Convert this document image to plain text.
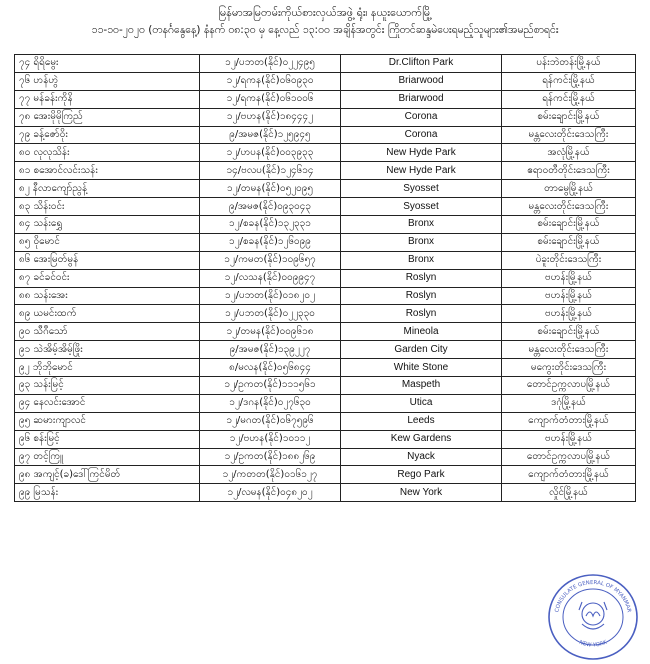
မြန်မာအမြတမ်းကိုယ်စားလှယ်အဖွဲ့ ရုံး၊ နယူးယောက်မြို့
၁၁-၁၀-၂၀၂၀ (တနင်္ဂနွေနေ့) နံနက် ၀၈:၃၀ မှ နေ့လည် ၁၃:၀၀ အချိန်အတွင်း ကြိုတင်ဆန္ဒမဲပေးရမည့်သူများ၏အမည်စာရင်း
၇၄ ရိရိမွေး	၁၂/ပဘတ(နိုင်)၀၂၂၄၉၅	Dr.Clifton Park	ပန်းဘဲတန်းမြို့နယ်
၇၆ ဟန်ဟွဲ	၁၂/ရကန(နိုင်)၀၆၀၉၃၀	Briarwood	ရန်ကင်းမြို့နယ်
၇၇ မန်ခန်းကိုနိ	၁၂/ရကန(နိုင်)၀၆၁၀၀၆	Briarwood	ရန်ကင်းမြို့နယ်
၇၈ အေးမိုမိုကြည်	၁၂/ဗဟန(နိုင်)၁၈၄၄၄၂	Corona	စမ်းချောင်းမြို့နယ်
၇၉ ခန့်ဇော်ဝိုး	၉/အမဇ(နိုင်)၁၂၅၉၄၅	Corona	မန္တလေးတိုင်းဒေသကြီး
၈၀ လုလုသိန်း	၁၂/ဟပန(နိုင်)၀၀၃၉၃၃	New Hyde Park	အလုံမြို့နယ်
၈၁ စအောင်လင်းသန်း	၁၄/ဗလပ(နိုင်)၁၂၄၆၁၄	New Hyde Park	ဧရာဝတီတိုင်းဒေသကြီး
၈၂ နီလာကျော်ညွန့်	၁၂/တမန(နိုင်)၀၅၂၀၉၅	Syosset	တာမွေမြို့နယ်
၈၃ သိန်းဝင်း	၉/အမဇ(နိုင်)၀၉၃၀၄၃	Syosset	မန္တလေးတိုင်းဒေသကြီး
၈၄ သန်းရွှေ	၁၂/စခန(နိုင်)၁၃၂၃၃၁	Bronx	စမ်းချောင်းမြို့နယ်
၈၅ ဝိုမောင်	၁၂/စခန(နိုင်)၁၂၆၀၉၉	Bronx	စမ်းချောင်းမြို့နယ်
၈၆ အေးမြတ်မွန်	၁၂/ကမတ(နိုင်)၁၀၉၆၅၇	Bronx	ပဲခူးတိုင်းဒေသကြီး
၈၇ ခင်ခင်ဝင်း	၁၂/လသန(နိုင်)၀၀၉၉၄၇	Roslyn	ဗဟန်းမြို့နယ်
၈၈ သန်းအေး	၁၂/ပဘတ(နိုင်)၀၁၈၂၀၂	Roslyn	ဗဟန်းမြို့နယ်
၈၉ ယမင်းထက်	၁၂/ပဘတ(နိုင်)၀၂၂၃၃၀	Roslyn	ဗဟန်းမြို့နယ်
၉၀ သီဂီသော်	၁၂/တမန(နိုင်)၀၀၉၆၁၈	Mineola	စမ်းချောင်းမြို့နယ်
၉၁ သဲအိမ့်အိမ့်ဖြိုး	၉/အမဇ(နိုင်)၁၃၉၂၂၇	Garden City	မန္တလေးတိုင်းဒေသကြီး
၉၂ ဘိုဘိုမောင်	၈/မလန(နိုင်)၀၅၆၈၄၄	White Stone	မကွေးတိုင်းဒေသကြီး
၉၃ သန်းမြင့်	၁၂/ဥကတ(နိုင်)၁၁၁၅၆၁	Maspeth	တောင်ဥက္ကလာပမြို့နယ်
၉၄ နေလင်းအောင်	၁၂/ဒဂန(နိုင်)၀၂၇၆၃၀	Utica	ဒဂုံမြို့နယ်
၉၅ ဆမားကျာလင်	၁၂/မဂတ(နိုင်)၀၆၇၅၉၆	Leeds	ကျောက်တံတားမြို့နယ်
၉၆ စန်းမြင့်	၁၂/ဗဟန(နိုင်)၁၀၁၁၂	Kew Gardens	ဗဟန်းမြို့နယ်
၉၇ တင့်ကြူ	၁၂/ဥကတ(နိုင်)၁၈၈၂၆၉	Nyack	တောင်ဥက္ကလာပမြို့နယ်
၉၈ အကျင့်(ခ)ဒေါ်ကြင်မိတ်	၁၂/ကတတ(နိုင်)၀၁၆၁၂၇	Rego Park	ကျောက်တံတားမြို့နယ်
၉၉ မြသန်း	၁၂/လမန(နိုင်)၀၄၈၂၀၂	New York	လှိုင်မြို့နယ်
CONSULATE GENERAL OF MYANMAR
NEW YORK
